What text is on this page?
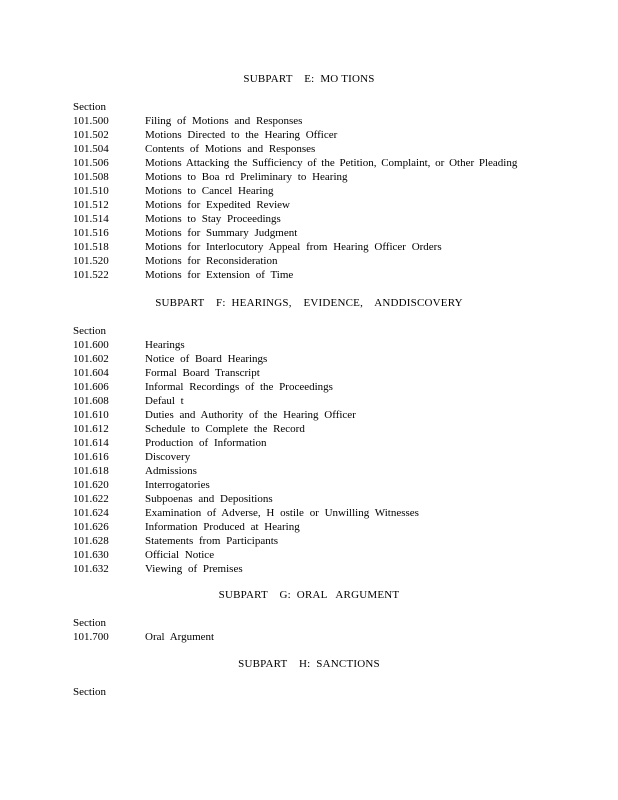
SUBPART    E:  MO TIONS
Section
101.500	Filing of Motions and Responses
101.502	Motions Directed to the Hearing Officer
101.504	Contents of Motions and Responses
101.506	Motions Attacking the Sufficiency of the Petition, Complaint, or Other Pleading
101.508	Motions to Boa rd Preliminary to Hearing
101.510	Motions to Cancel Hearing
101.512	Motions for Expedited Review
101.514	Motions to Stay Proceedings
101.516	Motions for Summary Judgment
101.518	Motions for Interlocutory Appeal from Hearing Officer Orders
101.520	Motions for Reconsideration
101.522	Motions for Extension of Time
SUBPART    F:  HEARINGS,    EVIDENCE,    ANDDISCOVERY
Section
101.600	Hearings
101.602	Notice of Board Hearings
101.604	Formal Board Transcript
101.606	Informal Recordings of the Proceedings
101.608	Defaul t
101.610	Duties and Authority of the Hearing Officer
101.612	Schedule to Complete the Record
101.614	Production of Information
101.616	Discovery
101.618	Admissions
101.620	Interrogatories
101.622	Subpoenas and Depositions
101.624	Examination of Adverse, H ostile or Unwilling Witnesses
101.626	Information Produced at Hearing
101.628	Statements from Participants
101.630	Official Notice
101.632	Viewing of Premises
SUBPART    G:  ORAL   ARGUMENT
Section
101.700	Oral Argument
SUBPART    H:  SANCTIONS
Section
